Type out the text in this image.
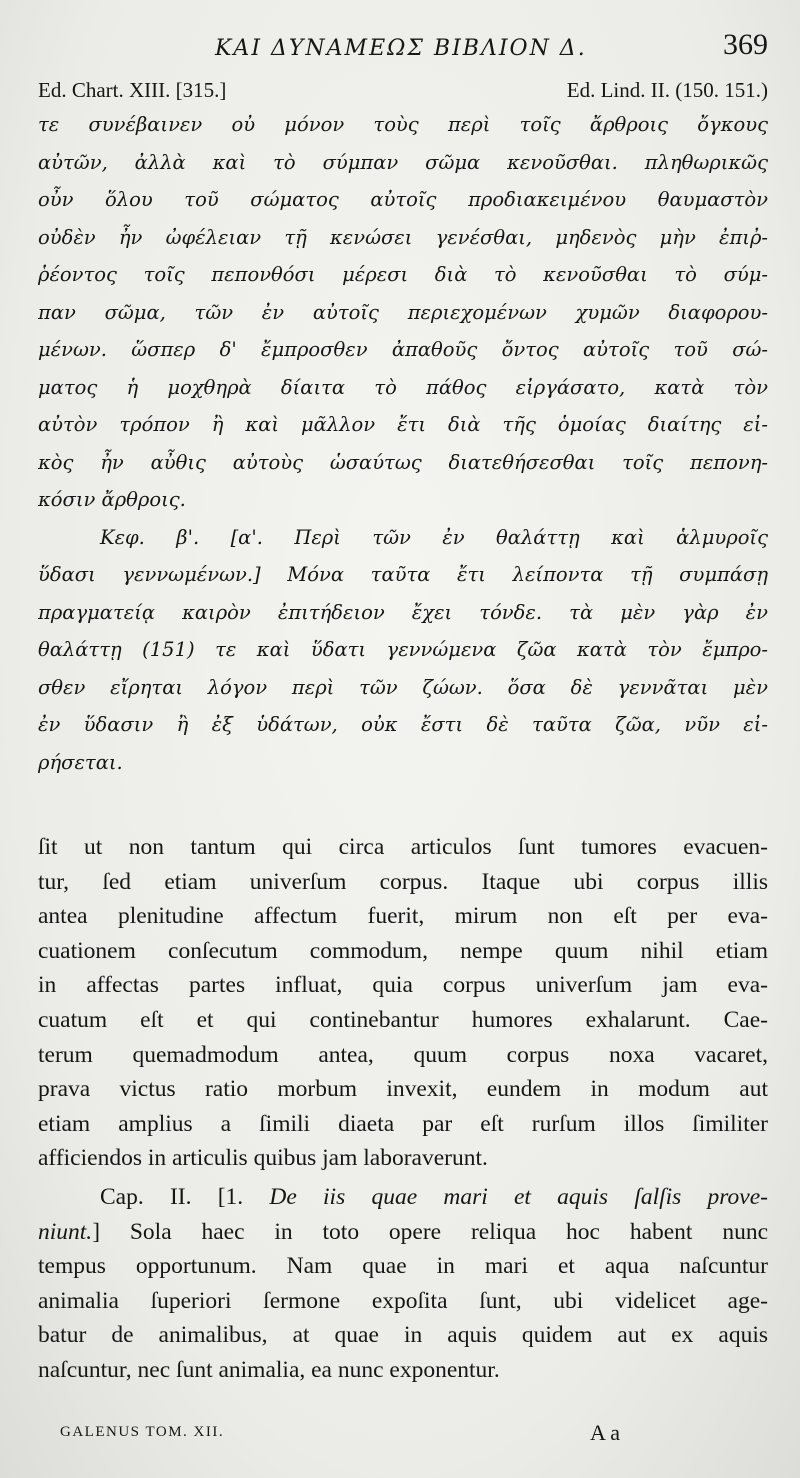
ΚΑΙ ΔΥΝΑΜΕΩΣ ΒΙΒΛΙΟΝ Δ.	369
Ed. Chart. XIII. [315.]	Ed. Lind. II. (150. 151.)
τε συνέβαινεν οὐ μόνον τοὺς περὶ τοῖς ἄρθροις ὄγκους
αὐτῶν, ἀλλὰ καὶ τὸ σύμπαν σῶμα κενοῦσθαι. πληθωρικῶς
οὖν ὅλου τοῦ σώματος αὐτοῖς προδιακειμένου θαυμαστὸν
οὐδὲν ἦν ὠφέλειαν τῇ κενώσει γενέσθαι, μηδενὸς μὴν ἐπιῤ-
ῥέοντος τοῖς πεπονθόσι μέρεσι διὰ τὸ κενοῦσθαι τὸ σύμ-
παν σῶμα, τῶν ἐν αὐτοῖς περιεχομένων χυμῶν διαφορου-
μένων. ὥσπερ δ' ἔμπροσθεν ἀπαθοῦς ὄντος αὐτοῖς τοῦ σώ-
ματος ἡ μοχθηρὰ δίαιτα τὸ πάθος εἰργάσατο, κατὰ τὸν
αὐτὸν τρόπον ἢ καὶ μᾶλλον ἔτι διὰ τῆς ὁμοίας διαίτης εἰ-
κὸς ἦν αὖθις αὐτοὺς ὡσαύτως διατεθήσεσθαι τοῖς πεπονη-
κόσιν ἄρθροις.
Κεφ. β'. [α'. Περὶ τῶν ἐν θαλάττῃ καὶ ἁλμυροῖς
ὕδασι γεννωμένων.] Μόνα ταῦτα ἔτι λείποντα τῇ συμπάσῃ
πραγματείᾳ καιρὸν ἐπιτήδειον ἔχει τόνδε. τὰ μὲν γὰρ ἐν
θαλάττῃ (151) τε καὶ ὕδατι γεννώμενα ζῶα κατὰ τὸν ἔμπρο-
σθεν εἴρηται λόγον περὶ τῶν ζώων. ὅσα δὲ γεννᾶται μὲν
ἐν ὕδασιν ἢ ἐξ ὑδάτων, οὐκ ἔστι δὲ ταῦτα ζῶα, νῦν εἰ-
ρήσεται.
ſit ut non tantum qui circa articulos ſunt tumores evacuen-
tur, ſed etiam univerſum corpus. Itaque ubi corpus illis
antea plenitudine affectum fuerit, mirum non eſt per eva-
cuationem conſecutum commodum, nempe quum nihil etiam
in affectas partes influat, quia corpus univerſum jam eva-
cuatum eſt et qui continebantur humores exhalarunt. Cae-
terum quemadmodum antea, quum corpus noxa vacaret,
prava victus ratio morbum invexit, eundem in modum aut
etiam amplius a ſimili diaeta par eſt rurſum illos ſimiliter
afficiendos in articulis quibus jam laboraverunt.
Cap. II. [1. De iis quae mari et aquis ſalſis prove-
niunt.] Sola haec in toto opere reliqua hoc habent nunc
tempus opportunum. Nam quae in mari et aqua naſcuntur
animalia ſuperiori ſermone expoſita ſunt, ubi videlicet age-
batur de animalibus, at quae in aquis quidem aut ex aquis
naſcuntur, nec ſunt animalia, ea nunc exponentur.
GALENUS TOM. XII.	A a
